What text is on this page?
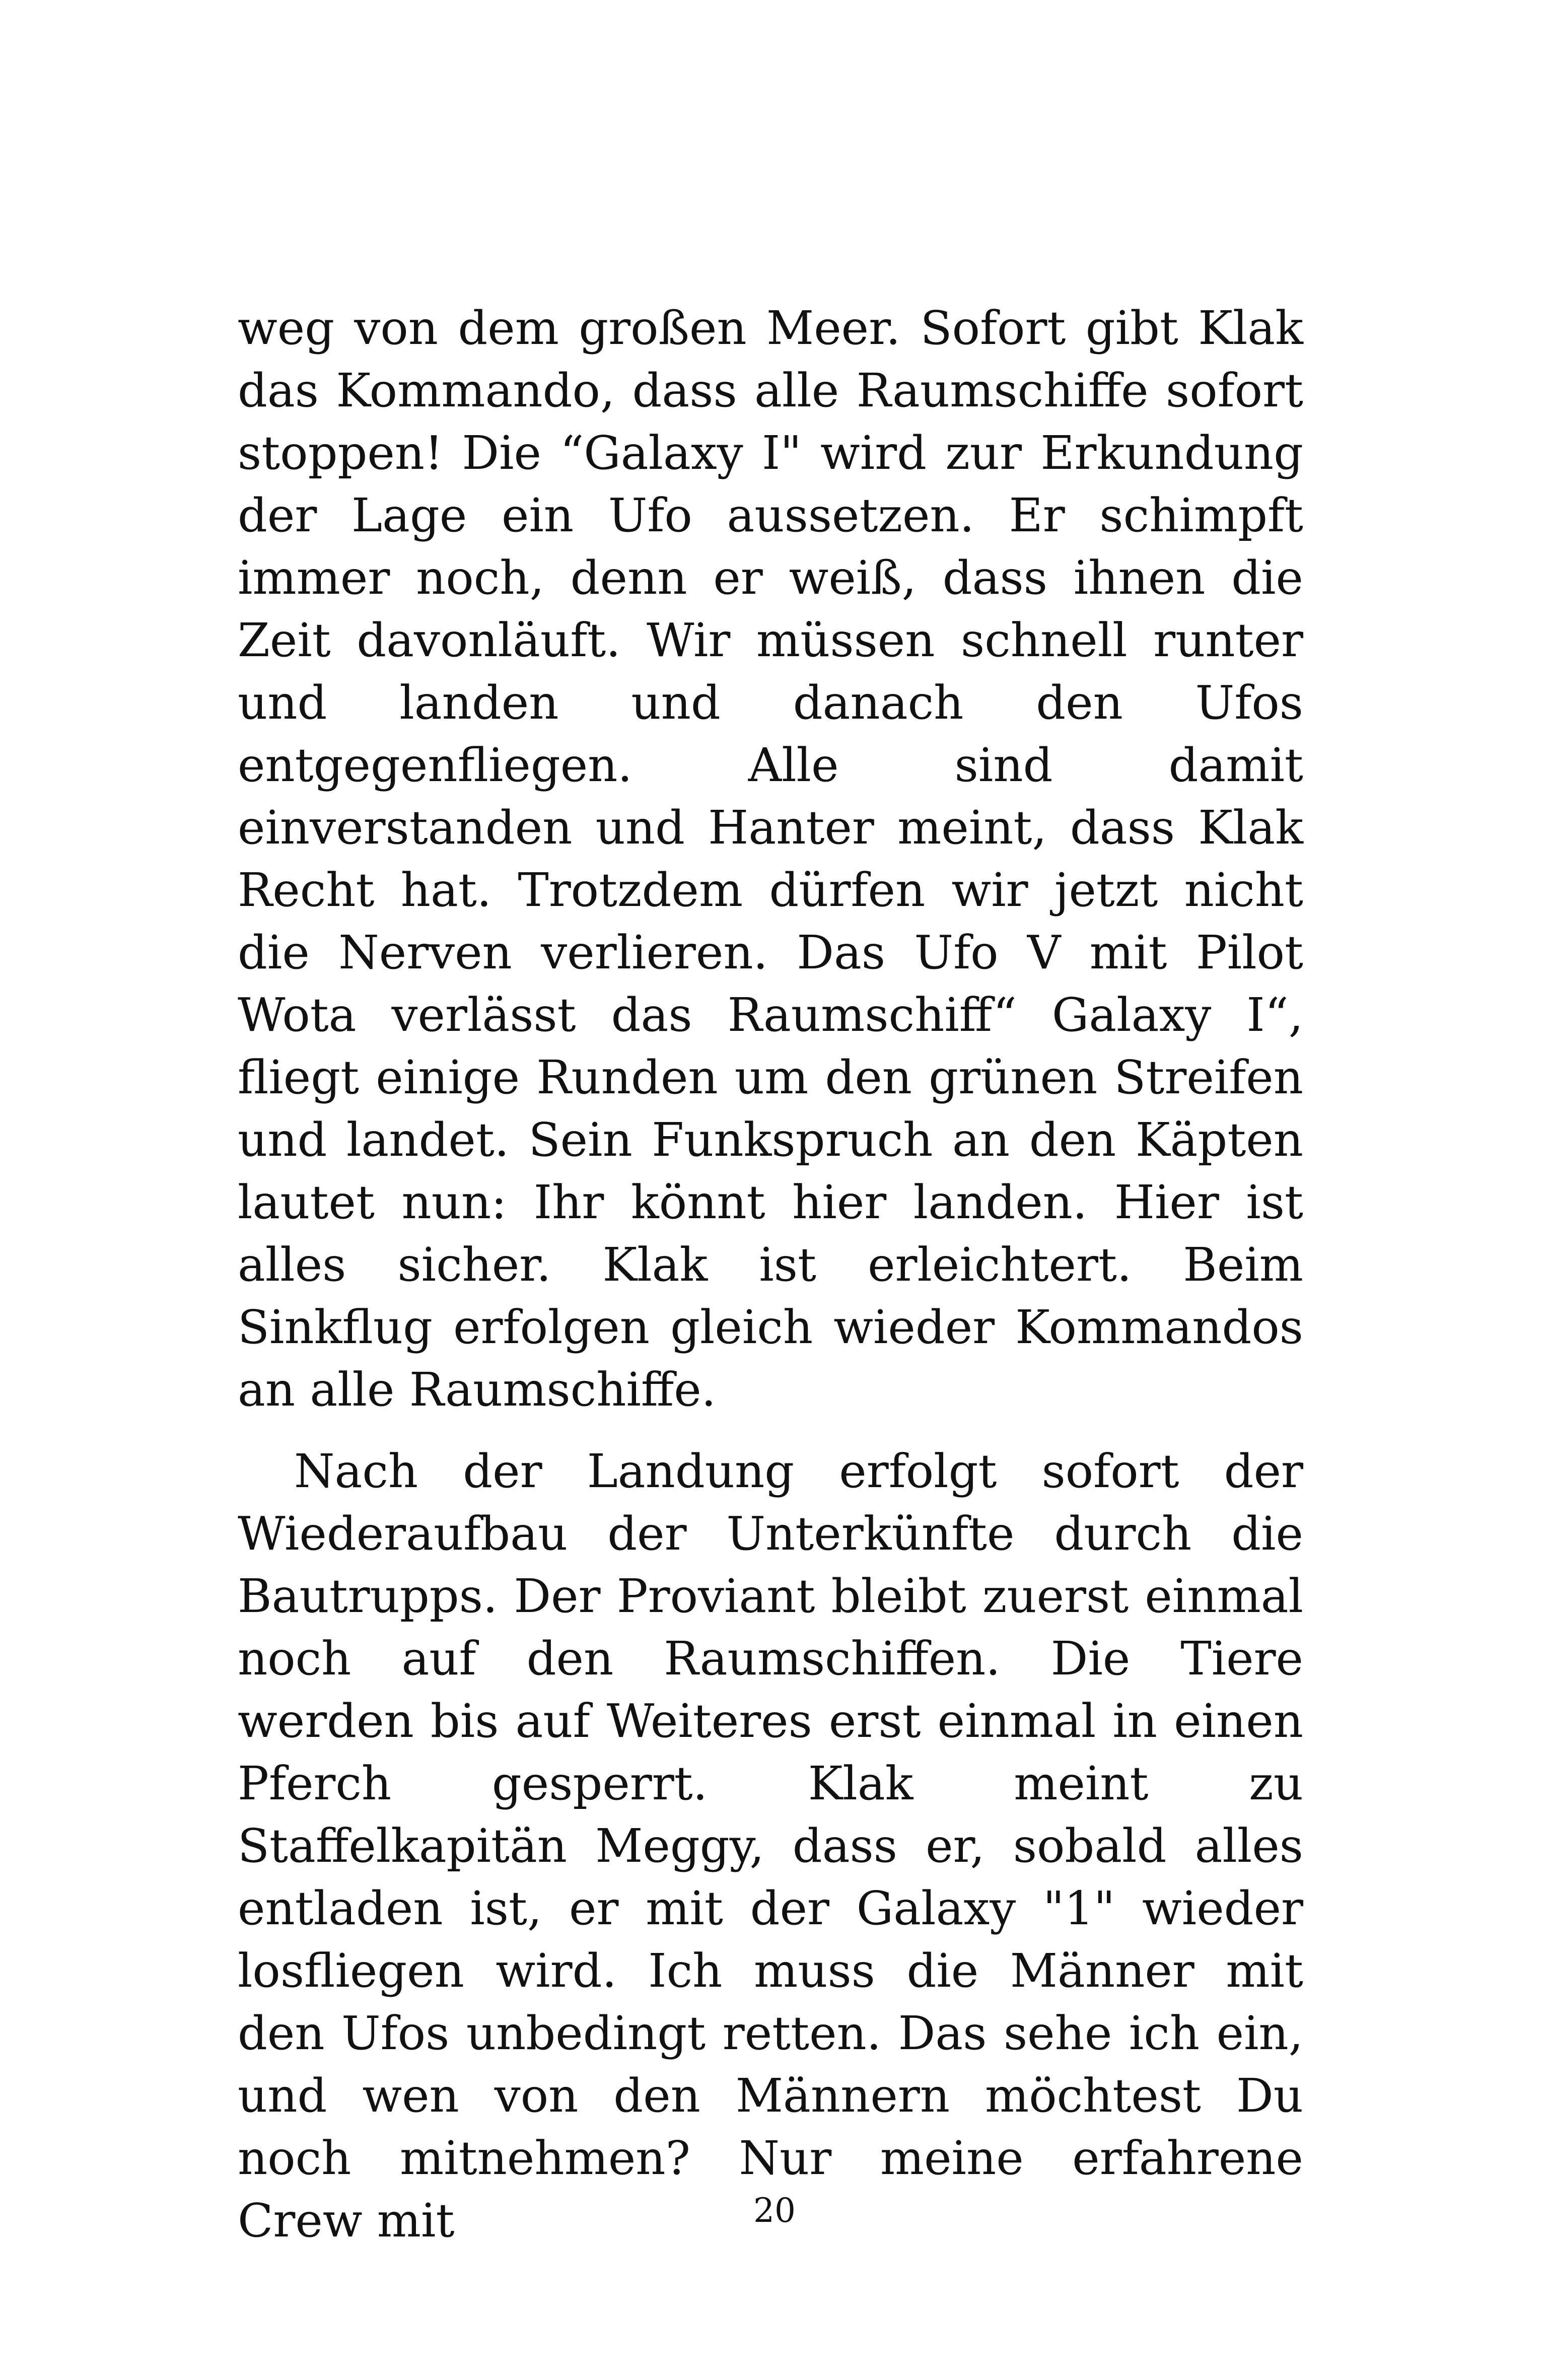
weg von dem großen Meer. Sofort gibt Klak das Kommando, dass alle Raumschiffe sofort stoppen! Die “Galaxy I" wird zur Erkundung der Lage ein Ufo aussetzen. Er schimpft immer noch, denn er weiß, dass ihnen die Zeit davonläuft. Wir müssen schnell runter und landen und danach den Ufos entgegenfliegen. Alle sind damit einverstanden und Hanter meint, dass Klak Recht hat. Trotzdem dürfen wir jetzt nicht die Nerven verlieren. Das Ufo V mit Pilot Wota verlässt das Raumschiff“ Galaxy I“, fliegt einige Runden um den grünen Streifen und landet. Sein Funkspruch an den Käpten lautet nun: Ihr könnt hier landen. Hier ist alles sicher. Klak ist erleichtert. Beim Sinkflug erfolgen gleich wieder Kommandos an alle Raumschiffe.

Nach der Landung erfolgt sofort der Wiederaufbau der Unterkünfte durch die Bautrupps. Der Proviant bleibt zuerst einmal noch auf den Raumschiffen. Die Tiere werden bis auf Weiteres erst einmal in einen Pferch gesperrt. Klak meint zu Staffelkapitän Meggy, dass er, sobald alles entladen ist, er mit der Galaxy "1" wieder losfliegen wird. Ich muss die Männer mit den Ufos unbedingt retten. Das sehe ich ein, und wen von den Männern möchtest Du noch mitnehmen? Nur meine erfahrene Crew mit	20
